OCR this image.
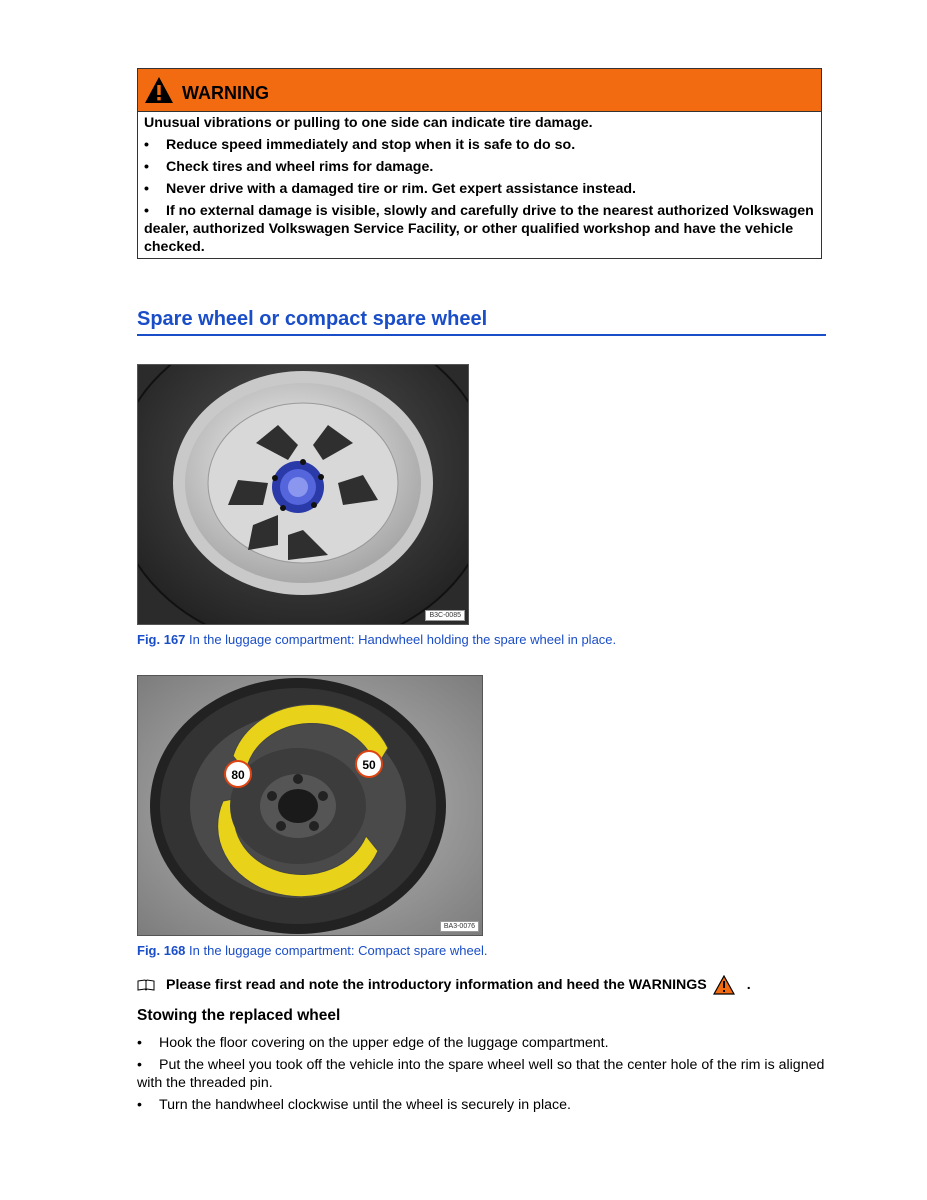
WARNING
Unusual vibrations or pulling to one side can indicate tire damage.
•	Reduce speed immediately and stop when it is safe to do so.
•	Check tires and wheel rims for damage.
•	Never drive with a damaged tire or rim. Get expert assistance instead.
• If no external damage is visible, slowly and carefully drive to the nearest authorized Volkswagen dealer, authorized Volkswagen Service Facility, or other qualified workshop and have the vehicle checked.
Spare wheel or compact spare wheel
B3C-0085
Fig. 167 In the luggage compartment: Handwheel holding the spare wheel in place.
80
50
BA3-0076
Fig. 168 In the luggage compartment: Compact spare wheel.
Please first read and note the introductory information and heed the WARNINGS	.
Stowing the replaced wheel
• Hook the floor covering on the upper edge of the luggage compartment.
• Put the wheel you took off the vehicle into the spare wheel well so that the center hole of the rim is aligned with the threaded pin.
• Turn the handwheel clockwise until the wheel is securely in place.
